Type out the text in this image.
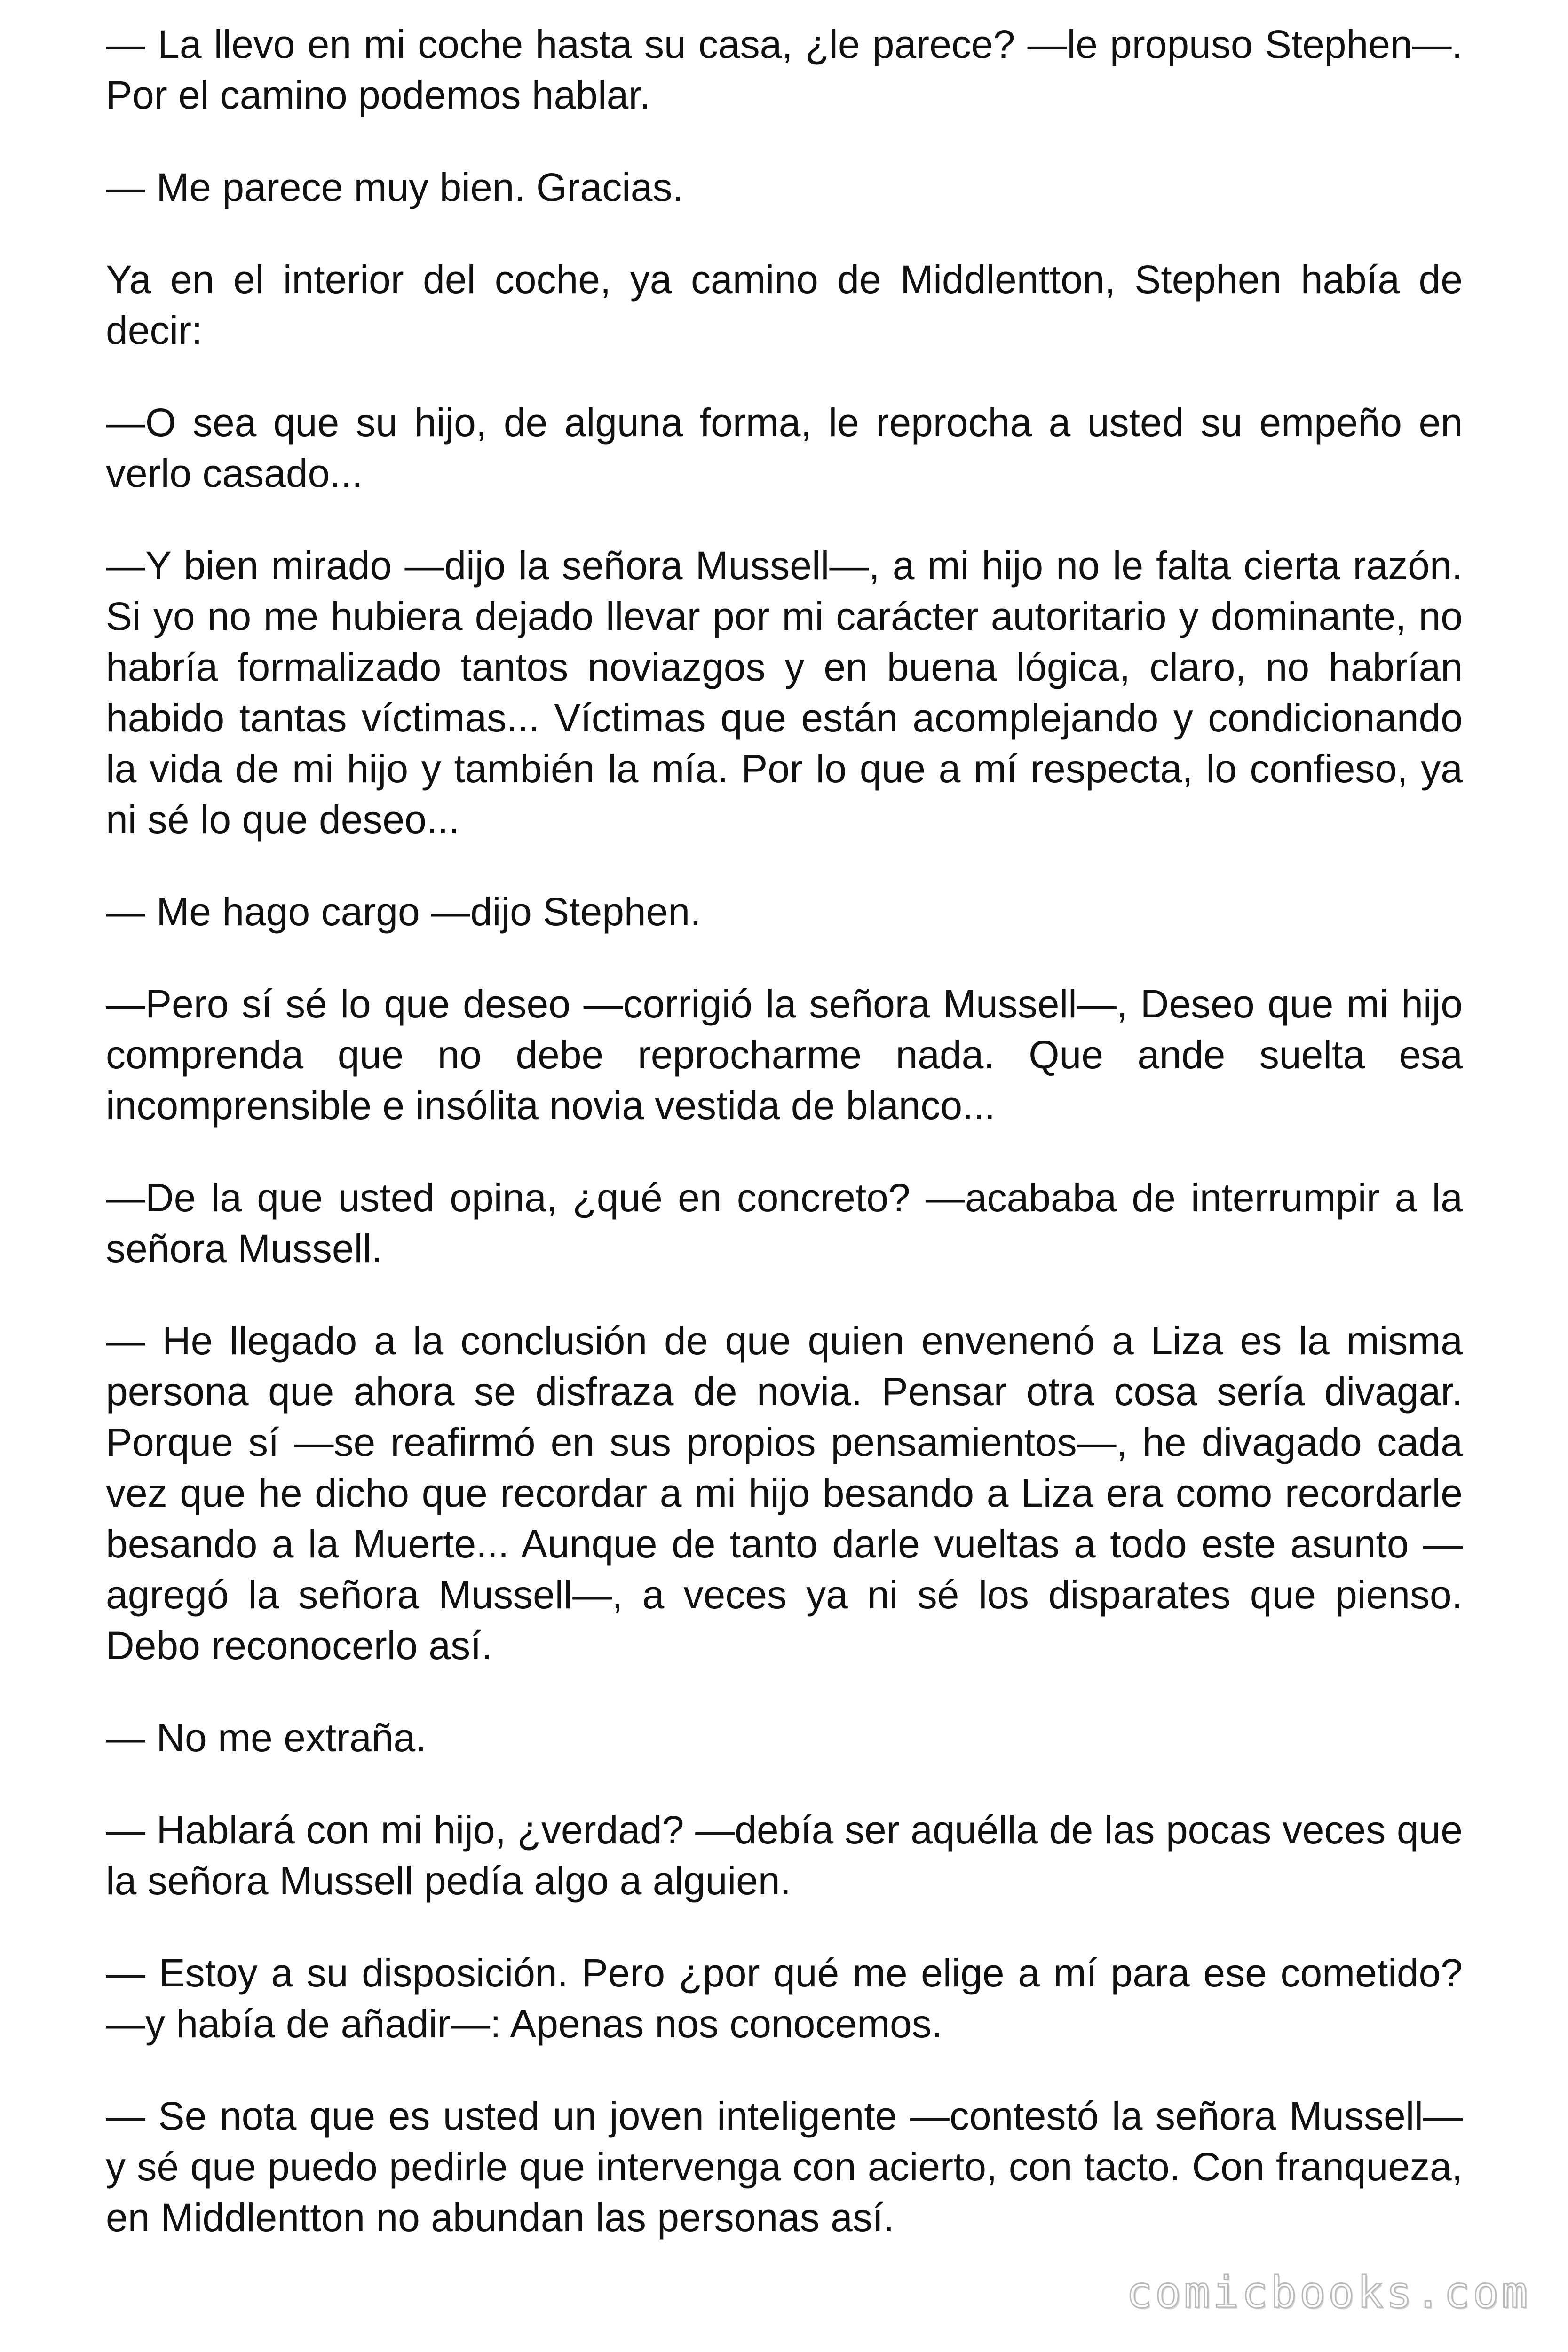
— La llevo en mi coche hasta su casa, ¿le parece? —le propuso Stephen—. Por el camino podemos hablar.

— Me parece muy bien. Gracias.

Ya en el interior del coche, ya camino de Middlentton, Stephen había de decir:

—O sea que su hijo, de alguna forma, le reprocha a usted su empeño en verlo casado...

—Y bien mirado —dijo la señora Mussell—, a mi hijo no le falta cierta razón. Si yo no me hubiera dejado llevar por mi carácter autoritario y dominante, no habría formalizado tantos noviazgos y en buena lógica, claro, no habrían habido tantas víctimas... Víctimas que están acomplejando y condicionando la vida de mi hijo y también la mía. Por lo que a mí respecta, lo confieso, ya ni sé lo que deseo...

— Me hago cargo —dijo Stephen.

—Pero sí sé lo que deseo —corrigió la señora Mussell—, Deseo que mi hijo comprenda que no debe reprocharme nada. Que ande suelta esa incomprensible e insólita novia vestida de blanco...

—De la que usted opina, ¿qué en concreto? —acababa de interrumpir a la señora Mussell.

— He llegado a la conclusión de que quien envenenó a Liza es la misma persona que ahora se disfraza de novia. Pensar otra cosa sería divagar. Porque sí —se reafirmó en sus propios pensamientos—, he divagado cada vez que he dicho que recordar a mi hijo besando a Liza era como recordarle besando a la Muerte... Aunque de tanto darle vueltas a todo este asunto —agregó la señora Mussell—, a veces ya ni sé los disparates que pienso. Debo reconocerlo así.

— No me extraña.

— Hablará con mi hijo, ¿verdad? —debía ser aquélla de las pocas veces que la señora Mussell pedía algo a alguien.

— Estoy a su disposición. Pero ¿por qué me elige a mí para ese cometido? —y había de añadir—: Apenas nos conocemos.

— Se nota que es usted un joven inteligente —contestó la señora Mussell— y sé que puedo pedirle que intervenga con acierto, con tacto. Con franqueza, en Middlentton no abundan las personas así.

comicbooks.com
